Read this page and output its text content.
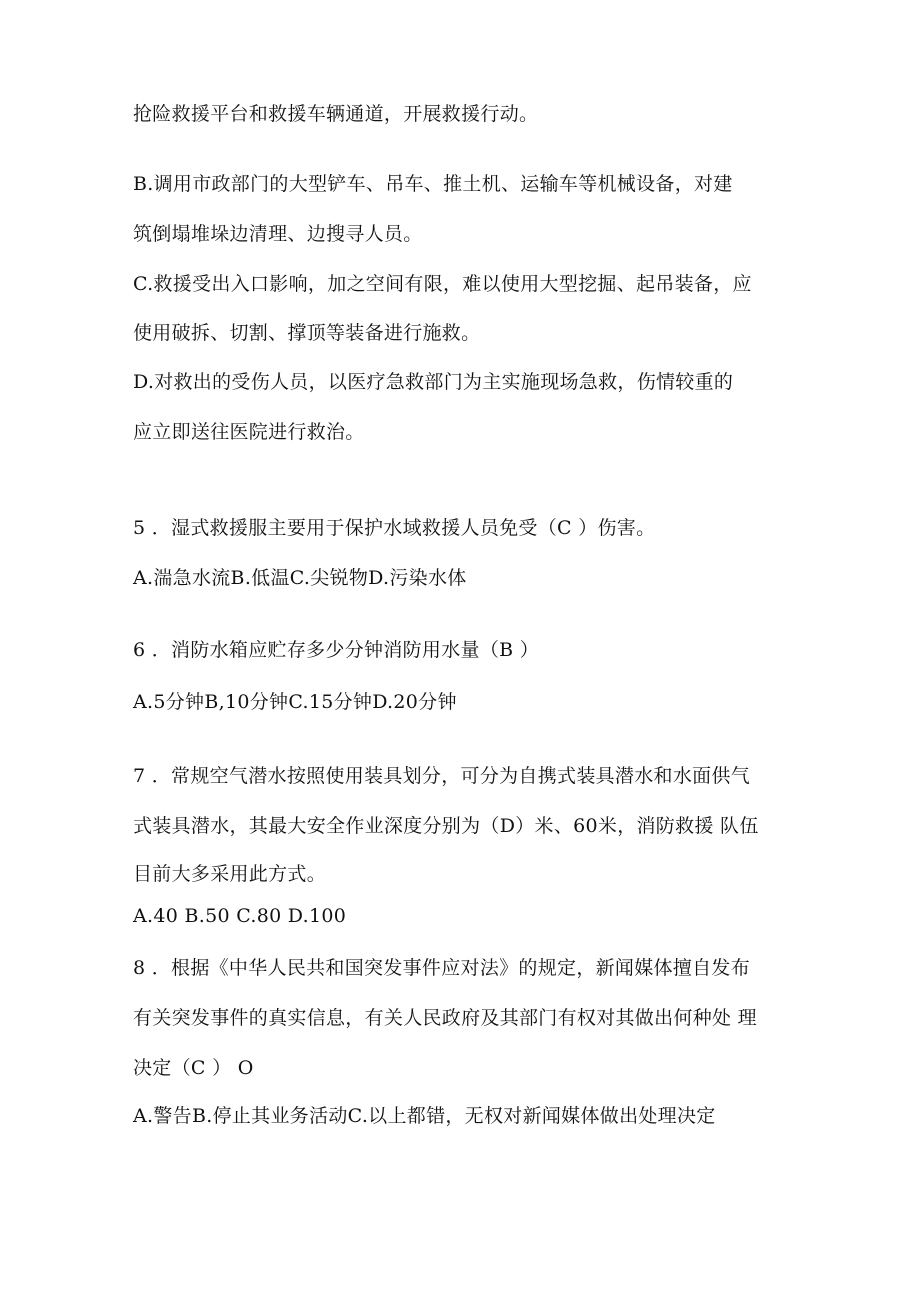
抢险救援平台和救援车辆通道，开展救援行动。
B.调用市政部门的大型铲车、吊车、推土机、运输车等机械设备，对建
筑倒塌堆垛边清理、边搜寻人员。
C.救援受出入口影响，加之空间有限，难以使用大型挖掘、起吊装备，应
使用破拆、切割、撑顶等装备进行施救。
D.对救出的受伤人员，以医疗急救部门为主实施现场急救，伤情较重的
应立即送往医院进行救治。
5 ．湿式救援服主要用于保护水域救援人员免受（C ）伤害。
A.湍急水流B.低温C.尖锐物D.污染水体
6 ．消防水箱应贮存多少分钟消防用水量（B ）
A.5分钟B,10分钟C.15分钟D.20分钟
7 ．常规空气潜水按照使用装具划分，可分为自携式装具潜水和水面供气
式装具潜水，其最大安全作业深度分别为（D）米、60米，消防救援 队伍
目前大多采用此方式。
A.40 B.50 C.80 D.100
8 ．根据《中华人民共和国突发事件应对法》的规定，新闻媒体擅自发布
有关突发事件的真实信息，有关人民政府及其部门有权对其做出何种处 理
决定（C ） O
A.警告B.停止其业务活动C.以上都错，无权对新闻媒体做出处理决定
